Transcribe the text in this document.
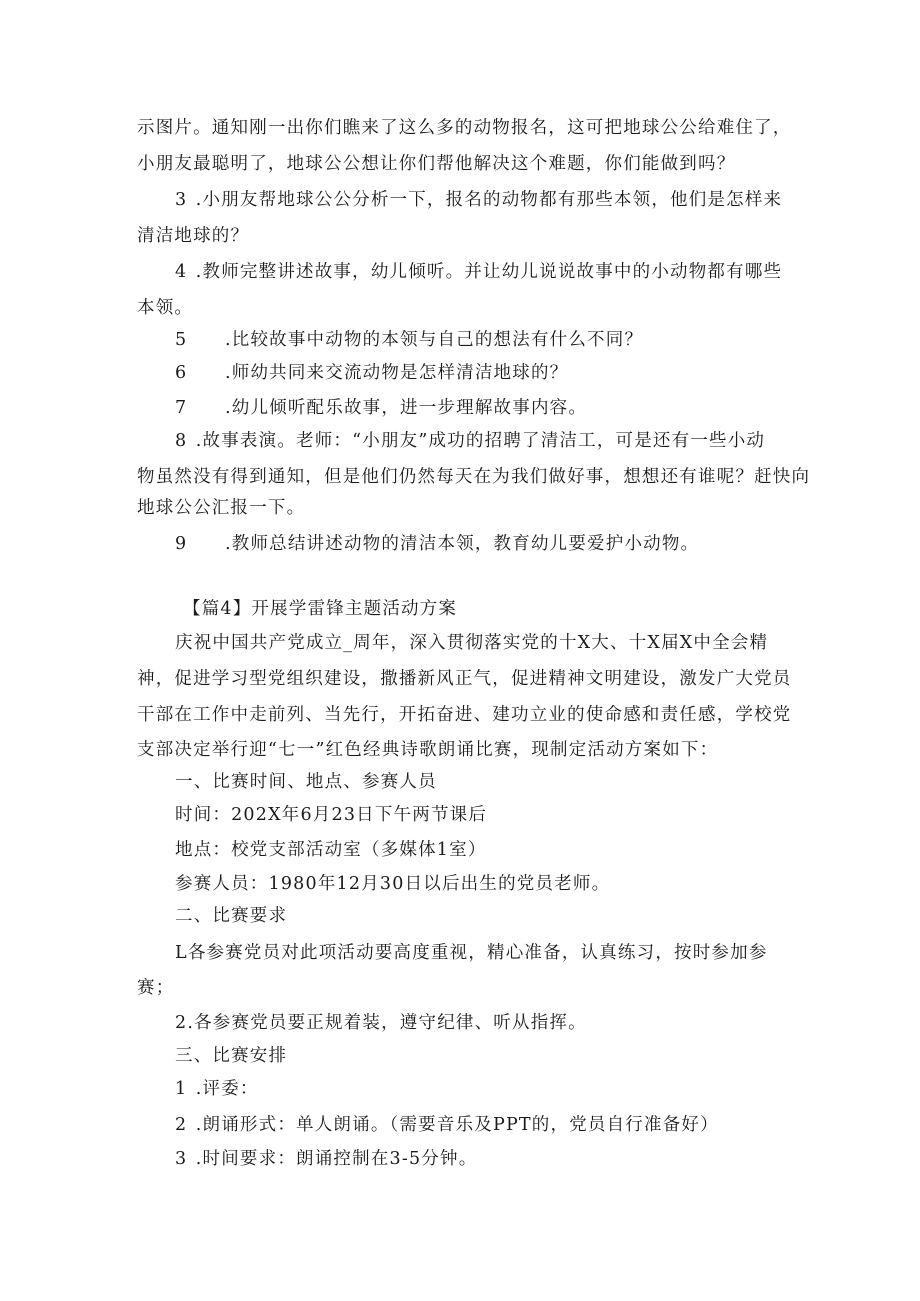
示图片。通知刚一出你们瞧来了这么多的动物报名，这可把地球公公给难住了，
小朋友最聪明了，地球公公想让你们帮他解决这个难题，你们能做到吗？
3 .小朋友帮地球公公分析一下，报名的动物都有那些本领，他们是怎样来
清洁地球的？
4 .教师完整讲述故事，幼儿倾听。并让幼儿说说故事中的小动物都有哪些
本领。
5 .比较故事中动物的本领与自己的想法有什么不同？
6 .师幼共同来交流动物是怎样清洁地球的？
7 .幼儿倾听配乐故事，进一步理解故事内容。
8 .故事表演。老师：“小朋友”成功的招聘了清洁工，可是还有一些小动
物虽然没有得到通知，但是他们仍然每天在为我们做好事，想想还有谁呢？赶快向
地球公公汇报一下。
9 .教师总结讲述动物的清洁本领，教育幼儿要爱护小动物。
【篇4】开展学雷锋主题活动方案
庆祝中国共产党成立_周年，深入贯彻落实党的十X大、十X届X中全会精
神，促进学习型党组织建设，撒播新风正气，促进精神文明建设，激发广大党员
干部在工作中走前列、当先行，开拓奋进、建功立业的使命感和责任感，学校党
支部决定举行迎“七一”红色经典诗歌朗诵比赛，现制定活动方案如下：
一、比赛时间、地点、参赛人员
时间：202X年6月23日下午两节课后
地点：校党支部活动室（多媒体1室）
参赛人员：1980年12月30日以后出生的党员老师。
二、比赛要求
L各参赛党员对此项活动要高度重视，精心准备，认真练习，按时参加参
赛；
2.各参赛党员要正规着装，遵守纪律、听从指挥。
三、比赛安排
1 .评委：
2 .朗诵形式：单人朗诵。（需要音乐及PPT的，党员自行准备好）
3 .时间要求：朗诵控制在3-5分钟。
